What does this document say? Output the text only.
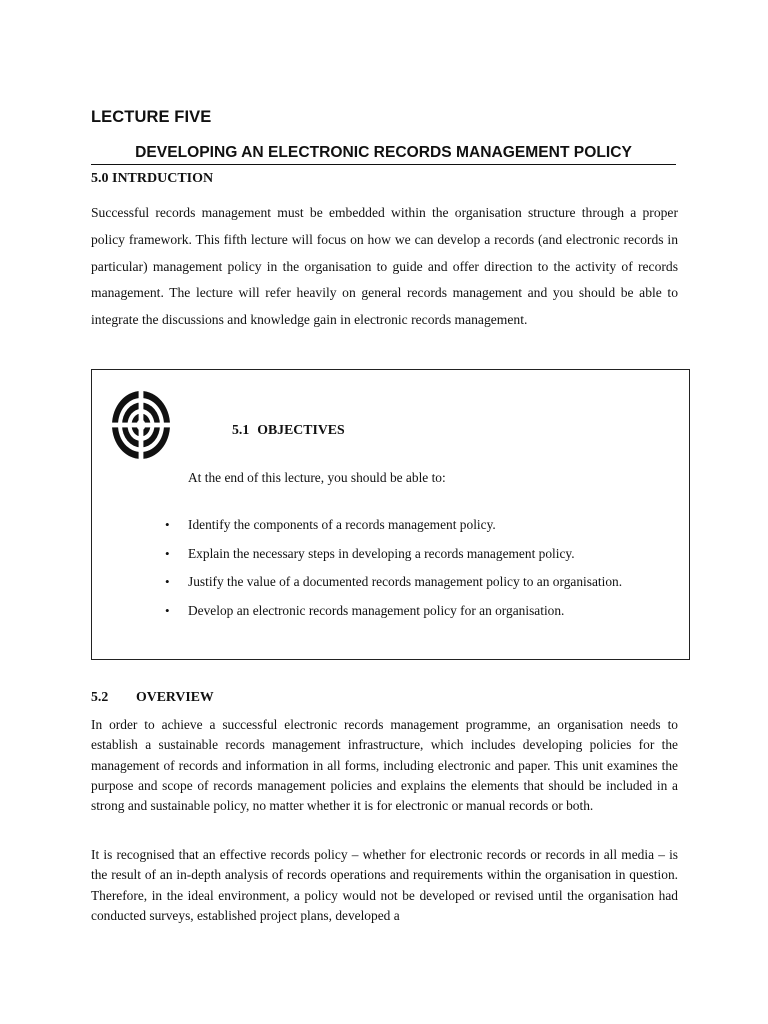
LECTURE FIVE
DEVELOPING AN ELECTRONIC RECORDS MANAGEMENT POLICY
5.0 INTRDUCTION

Successful records management must be embedded within the organisation structure through a proper policy framework. This fifth lecture will focus on how we can develop a records (and electronic records in particular) management policy in the organisation to guide and offer direction to the activity of records management. The lecture will refer heavily on general records management and you should be able to integrate the discussions and knowledge gain in electronic records management.

5.1 OBJECTIVES
At the end of this lecture, you should be able to:
• Identify the components of a records management policy.
• Explain the necessary steps in developing a records management policy.
• Justify the value of a documented records management policy to an organisation.
• Develop an electronic records management policy for an organisation.
5.2 OVERVIEW

In order to achieve a successful electronic records management programme, an organisation needs to establish a sustainable records management infrastructure, which includes developing policies for the management of records and information in all forms, including electronic and paper. This unit examines the purpose and scope of records management policies and explains the elements that should be included in a strong and sustainable policy, no matter whether it is for electronic or manual records or both.

It is recognised that an effective records policy – whether for electronic records or records in all media – is the result of an in-depth analysis of records operations and requirements within the organisation in question. Therefore, in the ideal environment, a policy would not be developed or revised until the organisation had conducted surveys, established project plans, developed a
